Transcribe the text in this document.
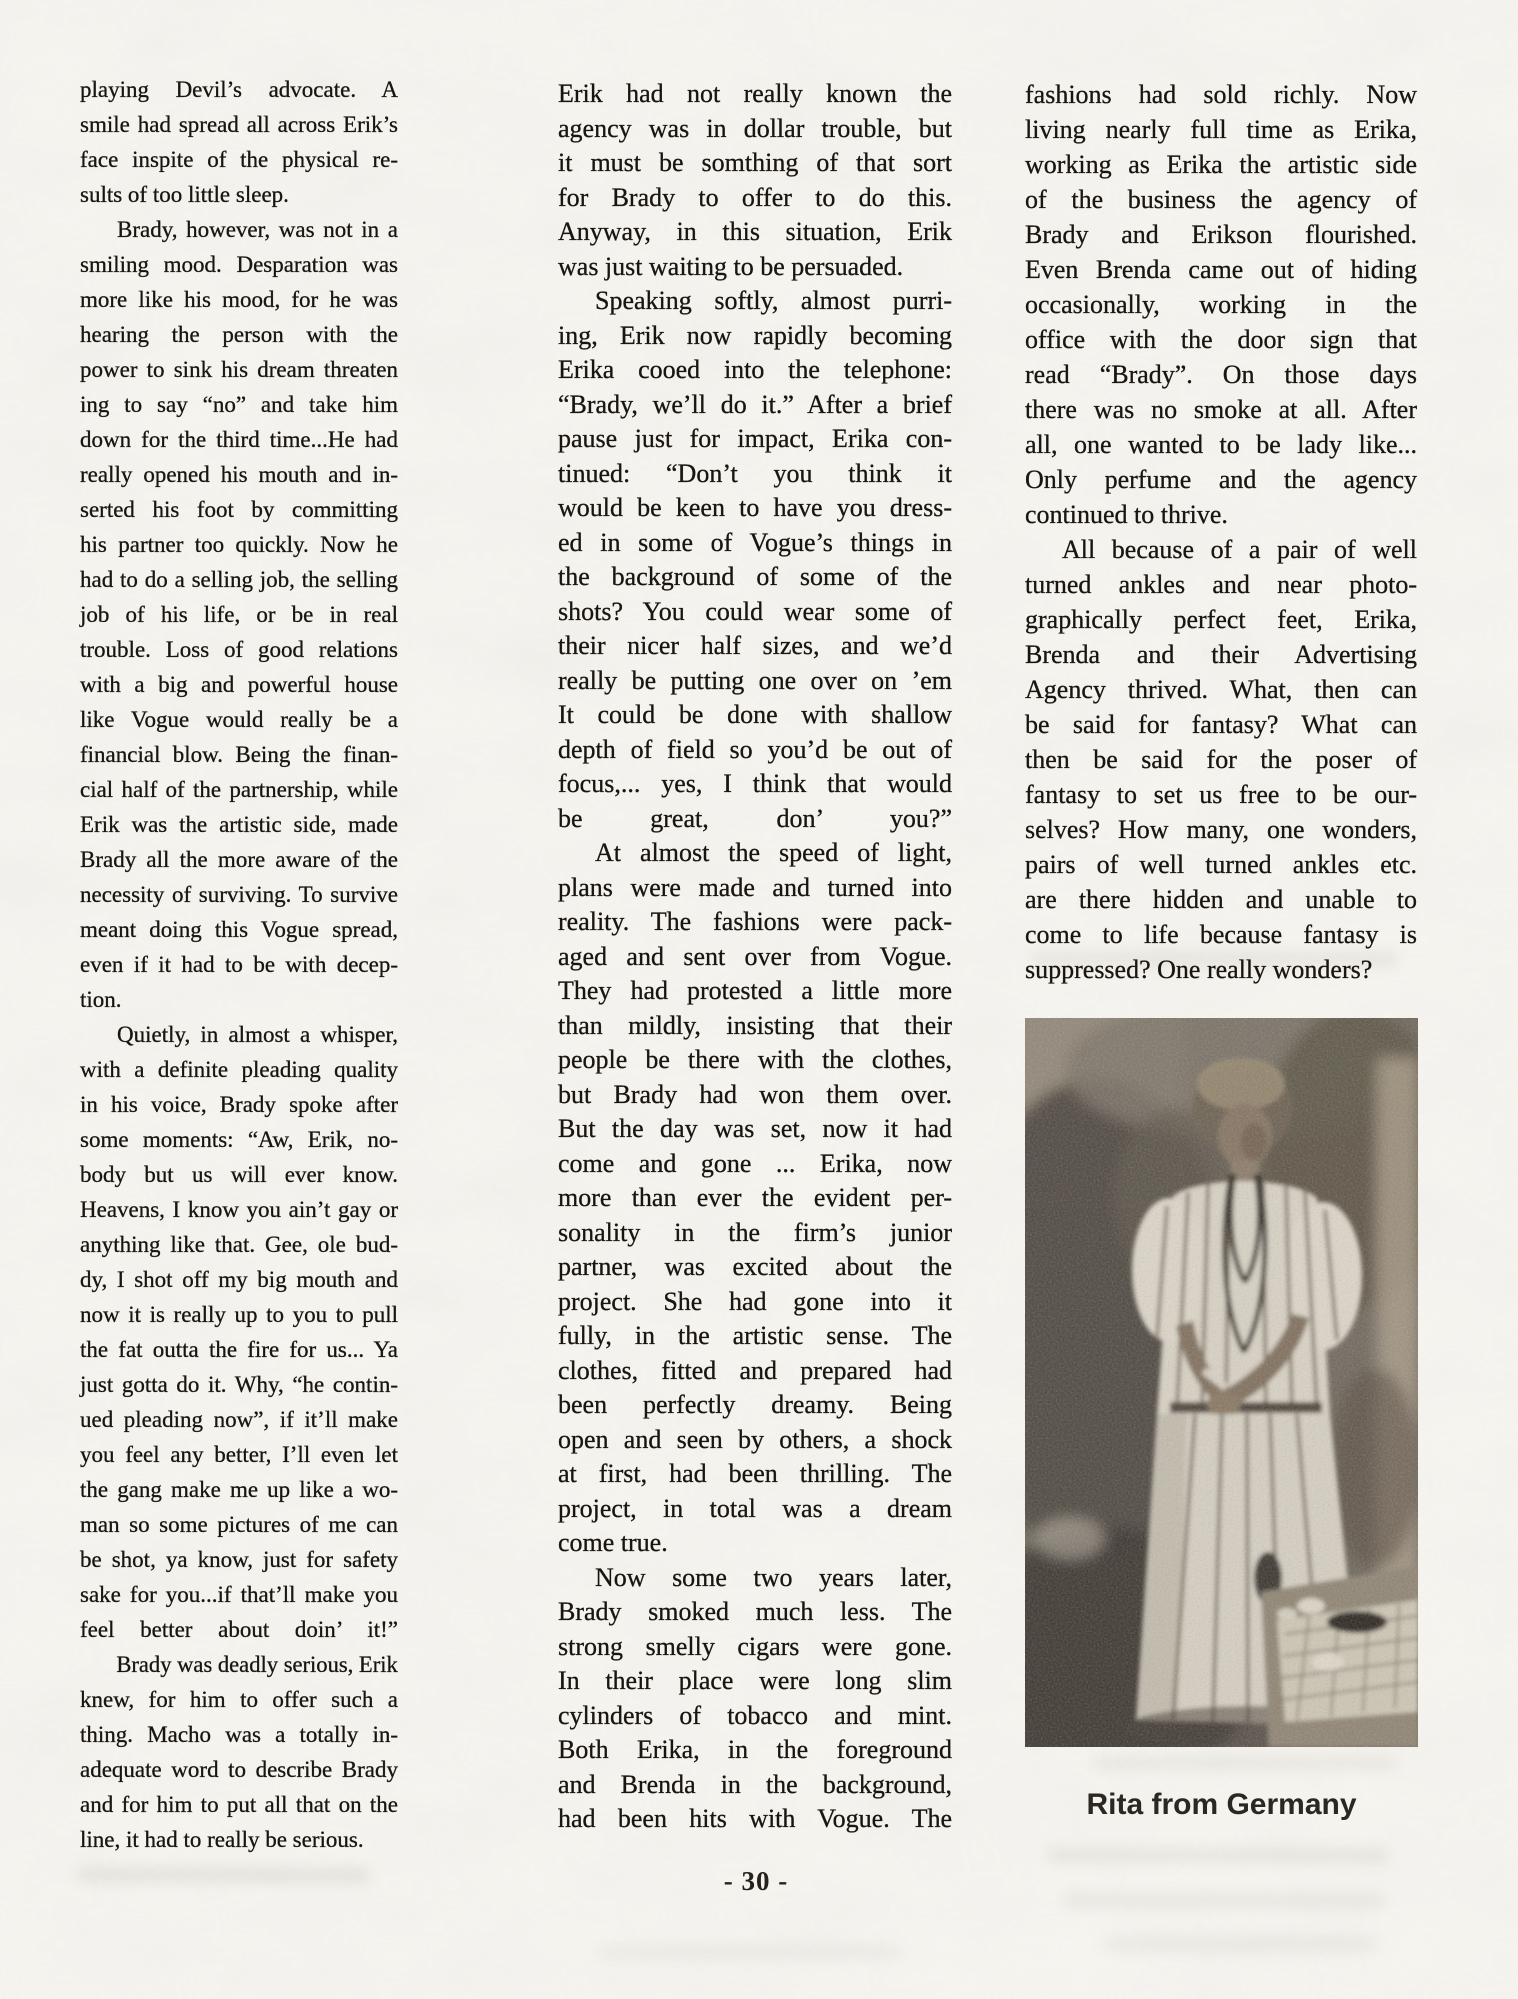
playing Devil’s advocate. A
smile had spread all across Erik’s
face inspite of the physical re-
sults of too little sleep.
Brady, however, was not in a
smiling mood. Desparation was
more like his mood, for he was
hearing the person with the
power to sink his dream threaten
ing to say “no” and take him
down for the third time...He had
really opened his mouth and in-
serted his foot by committing
his partner too quickly. Now he
had to do a selling job, the selling
job of his life, or be in real
trouble. Loss of good relations
with a big and powerful house
like Vogue would really be a
financial blow. Being the finan-
cial half of the partnership, while
Erik was the artistic side, made
Brady all the more aware of the
necessity of surviving. To survive
meant doing this Vogue spread,
even if it had to be with decep-
tion.
Quietly, in almost a whisper,
with a definite pleading quality
in his voice, Brady spoke after
some moments: “Aw, Erik, no-
body but us will ever know.
Heavens, I know you ain’t gay or
anything like that. Gee, ole bud-
dy, I shot off my big mouth and
now it is really up to you to pull
the fat outta the fire for us... Ya
just gotta do it. Why, “he contin-
ued pleading now”, if it’ll make
you feel any better, I’ll even let
the gang make me up like a wo-
man so some pictures of me can
be shot, ya know, just for safety
sake for you...if that’ll make you
feel better about doin’ it!”
Brady was deadly serious, Erik
knew, for him to offer such a
thing. Macho was a totally in-
adequate word to describe Brady
and for him to put all that on the
line, it had to really be serious.
Erik had not really known the
agency was in dollar trouble, but
it must be somthing of that sort
for Brady to offer to do this.
Anyway, in this situation, Erik
was just waiting to be persuaded.
Speaking softly, almost purri-
ing, Erik now rapidly becoming
Erika cooed into the telephone:
“Brady, we’ll do it.” After a brief
pause just for impact, Erika con-
tinued: “Don’t you think it
would be keen to have you dress-
ed in some of Vogue’s things in
the background of some of the
shots? You could wear some of
their nicer half sizes, and we’d
really be putting one over on ’em
It could be done with shallow
depth of field so you’d be out of
focus,... yes, I think that would
be great, don’ you?”
At almost the speed of light,
plans were made and turned into
reality. The fashions were pack-
aged and sent over from Vogue.
They had protested a little more
than mildly, insisting that their
people be there with the clothes,
but Brady had won them over.
But the day was set, now it had
come and gone ... Erika, now
more than ever the evident per-
sonality in the firm’s junior
partner, was excited about the
project. She had gone into it
fully, in the artistic sense. The
clothes, fitted and prepared had
been perfectly dreamy. Being
open and seen by others, a shock
at first, had been thrilling. The
project, in total was a dream
come true.
Now some two years later,
Brady smoked much less. The
strong smelly cigars were gone.
In their place were long slim
cylinders of tobacco and mint.
Both Erika, in the foreground
and Brenda in the background,
had been hits with Vogue. The
fashions had sold richly. Now
living nearly full time as Erika,
working as Erika the artistic side
of the business the agency of
Brady and Erikson flourished.
Even Brenda came out of hiding
occasionally, working in the
office with the door sign that
read “Brady”. On those days
there was no smoke at all. After
all, one wanted to be lady like...
Only perfume and the agency
continued to thrive.
All because of a pair of well
turned ankles and near photo-
graphically perfect feet, Erika,
Brenda and their Advertising
Agency thrived. What, then can
be said for fantasy? What can
then be said for the poser of
fantasy to set us free to be our-
selves? How many, one wonders,
pairs of well turned ankles etc.
are there hidden and unable to
come to life because fantasy is
suppressed? One really wonders?
Rita from Germany
- 30 -
